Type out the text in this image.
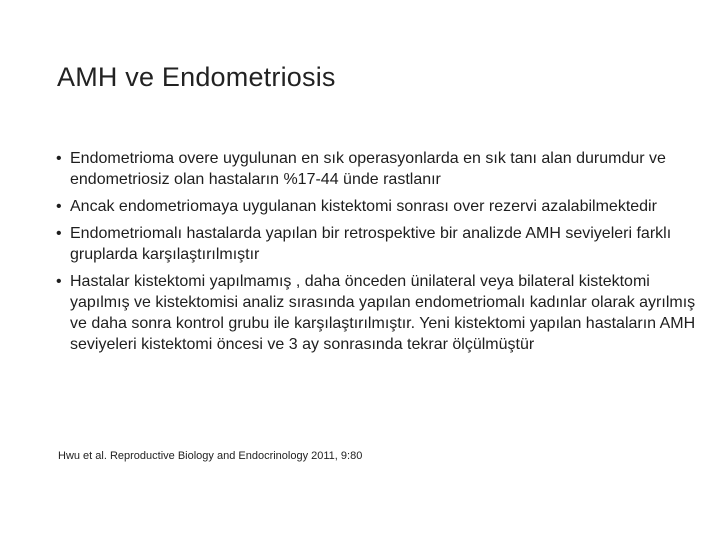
AMH ve Endometriosis
• Endometrioma overe uygulunan en sık operasyonlarda en sık tanı alan durumdur ve endometriosiz olan hastaların %17-44 ünde rastlanır
• Ancak endometriomaya uygulanan kistektomi sonrası over rezervi azalabilmektedir
• Endometriomalı hastalarda yapılan bir retrospektive bir analizde AMH seviyeleri farklı gruplarda karşılaştırılmıştır
• Hastalar kistektomi yapılmamış , daha önceden ünilateral veya bilateral kistektomi yapılmış ve kistektomisi analiz sırasında yapılan endometriomalı kadınlar olarak ayrılmış ve daha sonra kontrol grubu ile karşılaştırılmıştır. Yeni kistektomi yapılan hastaların AMH seviyeleri kistektomi öncesi ve 3 ay sonrasında tekrar ölçülmüştür
Hwu et al. Reproductive Biology and Endocrinology 2011, 9:80
